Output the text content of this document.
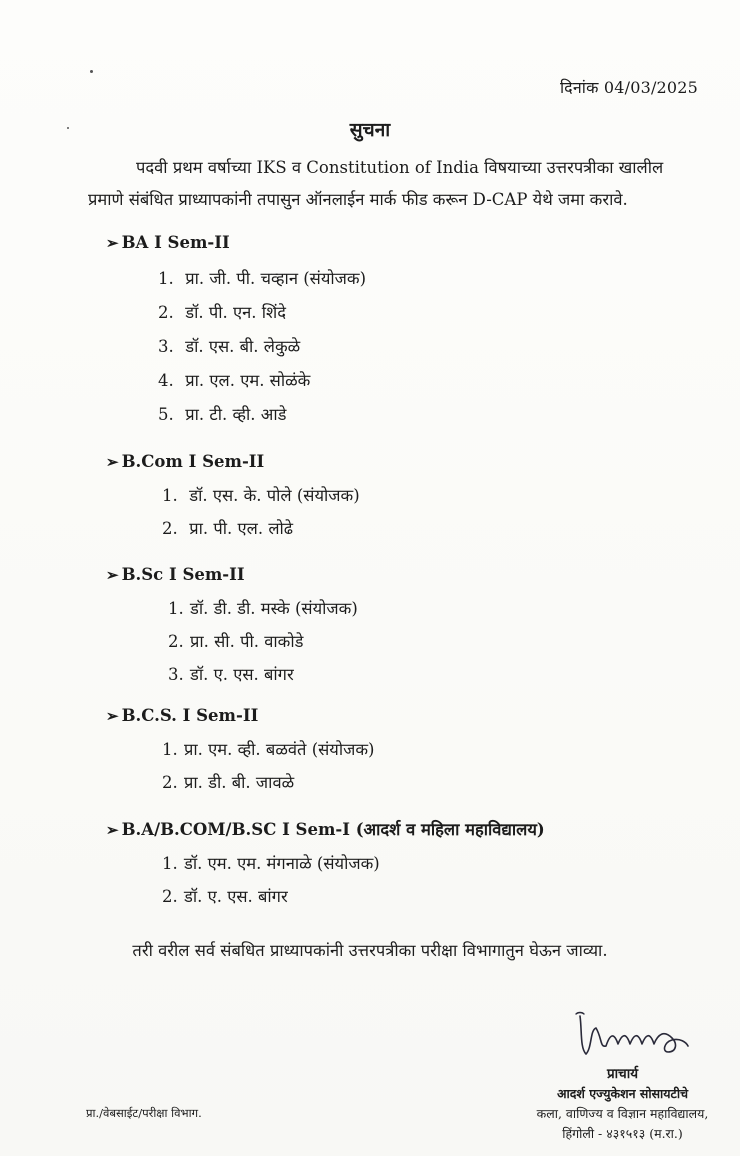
दिनांक 04/03/2025
सुचना
पदवी प्रथम वर्षाच्या IKS व Constitution of India विषयाच्या उत्तरपत्रीका खालील
प्रमाणे संबंधित प्राध्यापकांनी तपासुन ऑनलाईन मार्क फीड करून D-CAP येथे जमा करावे.
➢ BA I Sem-II
1. प्रा. जी. पी. चव्हान (संयोजक)
2. डॉ. पी. एन. शिंदे
3. डॉ. एस. बी. लेकुळे
4. प्रा. एल. एम. सोळंके
5. प्रा. टी. व्ही. आडे
➢ B.Com I Sem-II
1. डॉ. एस. के. पोले (संयोजक)
2. प्रा. पी. एल. लोढे
➢ B.Sc I Sem-II
1. डॉ. डी. डी. मस्के (संयोजक)
2. प्रा. सी. पी. वाकोडे
3. डॉ. ए. एस. बांगर
➢ B.C.S. I Sem-II
1. प्रा. एम. व्ही. बळवंते (संयोजक)
2. प्रा. डी. बी. जावळे
➢ B.A/B.COM/B.SC I Sem-I (आदर्श व महिला महाविद्यालय)
1. डॉ. एम. एम. मंगनाळे (संयोजक)
2. डॉ. ए. एस. बांगर
तरी वरील सर्व संबधित प्राध्यापकांनी उत्तरपत्रीका परीक्षा विभागातुन घेऊन जाव्या.
प्राचार्य
आदर्श एज्युकेशन सोसायटीचे
कला, वाणिज्य व विज्ञान महाविद्यालय,
हिंगोली - ४३१५१३ (म.रा.)
प्रा./वेबसाईट/परीक्षा विभाग.
